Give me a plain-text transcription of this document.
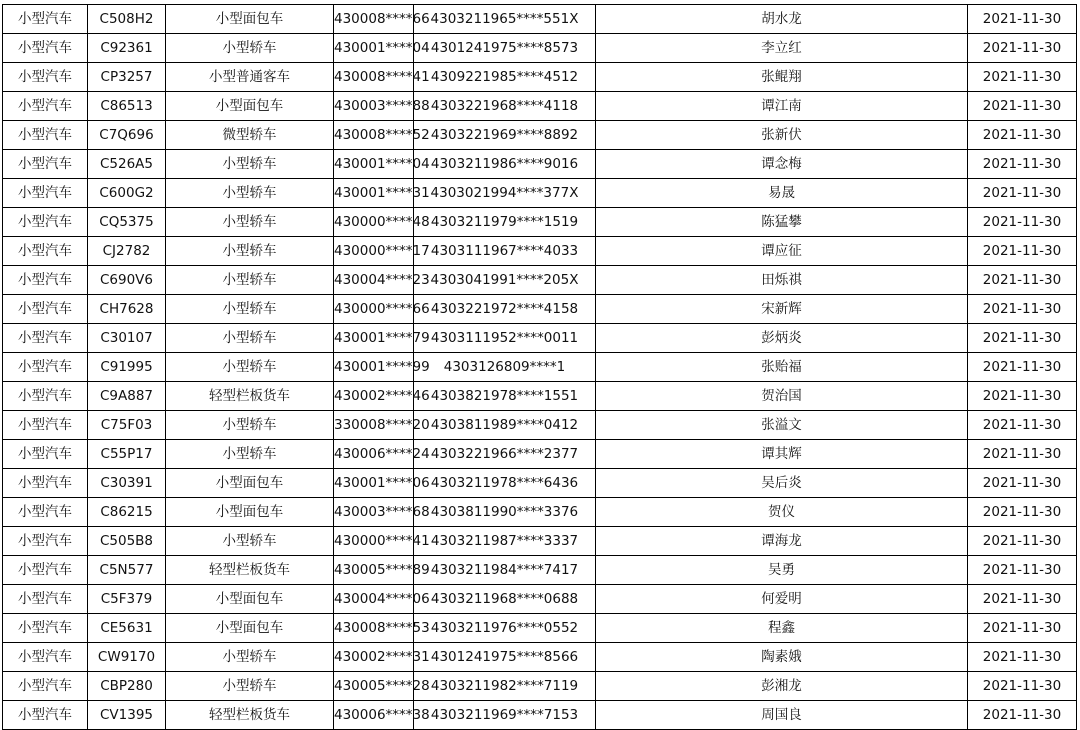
小型汽车	C508H2	小型面包车	430008****66	4303211965****551X	胡水龙	2021-11-30
小型汽车	C92361	小型轿车	430001****04	4301241975****8573	李立红	2021-11-30
小型汽车	CP3257	小型普通客车	430008****41	4309221985****4512	张鲲翔	2021-11-30
小型汽车	C86513	小型面包车	430003****88	4303221968****4118	谭江南	2021-11-30
小型汽车	C7Q696	微型轿车	430008****52	4303221969****8892	张新伏	2021-11-30
小型汽车	C526A5	小型轿车	430001****04	4303211986****9016	谭念梅	2021-11-30
小型汽车	C600G2	小型轿车	430001****31	4303021994****377X	易晟	2021-11-30
小型汽车	CQ5375	小型轿车	430000****48	4303211979****1519	陈猛攀	2021-11-30
小型汽车	CJ2782	小型轿车	430000****17	4303111967****4033	谭应征	2021-11-30
小型汽车	C690V6	小型轿车	430004****23	4303041991****205X	田烁祺	2021-11-30
小型汽车	CH7628	小型轿车	430000****66	4303221972****4158	宋新辉	2021-11-30
小型汽车	C30107	小型轿车	430001****79	4303111952****0011	彭炳炎	2021-11-30
小型汽车	C91995	小型轿车	430001****99	4303126809****1	张贻福	2021-11-30
小型汽车	C9A887	轻型栏板货车	430002****46	4303821978****1551	贺治国	2021-11-30
小型汽车	C75F03	小型轿车	330008****20	4303811989****0412	张溢文	2021-11-30
小型汽车	C55P17	小型轿车	430006****24	4303221966****2377	谭其辉	2021-11-30
小型汽车	C30391	小型面包车	430001****06	4303211978****6436	吴后炎	2021-11-30
小型汽车	C86215	小型面包车	430003****68	4303811990****3376	贺仪	2021-11-30
小型汽车	C505B8	小型轿车	430000****41	4303211987****3337	谭海龙	2021-11-30
小型汽车	C5N577	轻型栏板货车	430005****89	4303211984****7417	吴勇	2021-11-30
小型汽车	C5F379	小型面包车	430004****06	4303211968****0688	何爱明	2021-11-30
小型汽车	CE5631	小型面包车	430008****53	4303211976****0552	程鑫	2021-11-30
小型汽车	CW9170	小型轿车	430002****31	4301241975****8566	陶素娥	2021-11-30
小型汽车	CBP280	小型轿车	430005****28	4303211982****7119	彭湘龙	2021-11-30
小型汽车	CV1395	轻型栏板货车	430006****38	4303211969****7153	周国良	2021-11-30
